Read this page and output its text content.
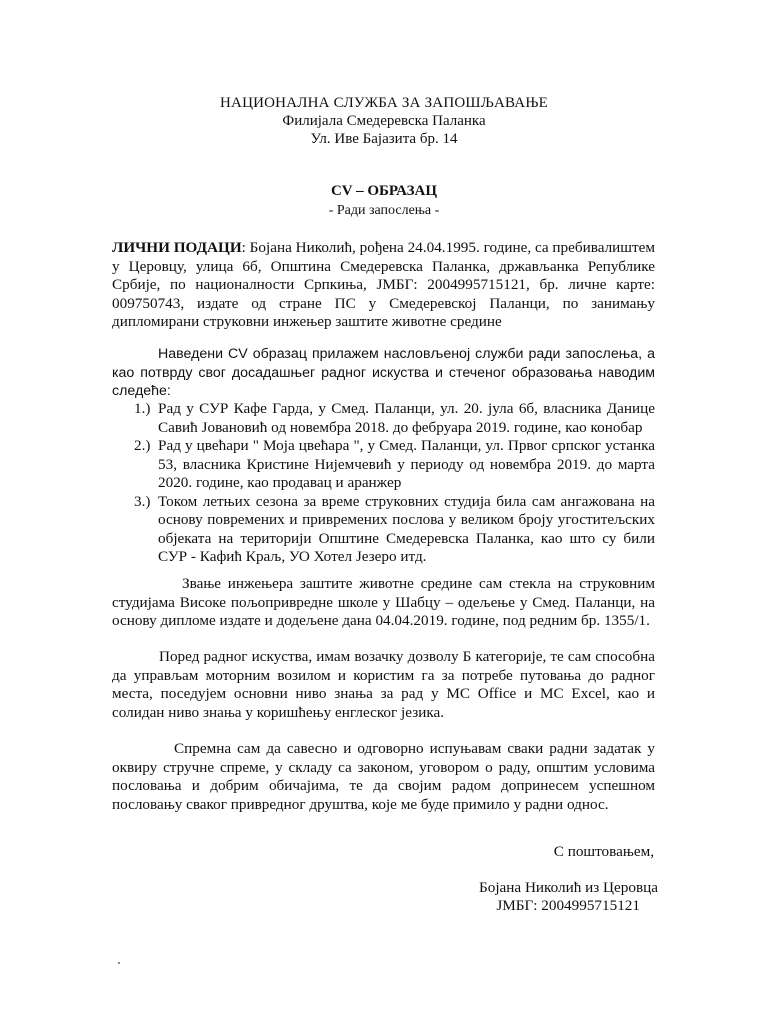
НАЦИОНАЛНА СЛУЖБА ЗА ЗАПОШЉАВАЊЕ
Филијала Смедеревска Паланка
Ул. Иве Бајазита бр. 14
CV – ОБРАЗАЦ
- Ради запослења -

ЛИЧНИ ПОДАЦИ: Бојана Николић, рођена 24.04.1995. године, са пребивалиштем у Церовцу, улица 6б, Општина Смедеревска Паланка, држављанка Републике Србије, по националности Српкиња, ЈМБГ: 2004995715121, бр. личне карте: 009750743, издате од стране ПС у Смедеревској Паланци, по занимању дипломирани струковни инжењер заштите животне средине

Наведени CV образац прилажем насловљеној служби ради запослења, а као потврду свог досадашњег радног искуства и стеченог образовања наводим следеће:

1.) Рад у СУР Кафе Гарда, у Смед. Паланци, ул. 20. јула 6б, власника Данице Савић Јовановић од новембра 2018. до фебруара 2019. године, као конобар
2.) Рад у цвећари " Моја цвећара ", у Смед. Паланци, ул. Првог српског устанка 53, власника Кристине Нијемчевић у периоду од новембра 2019. до марта 2020. године, као продавац и аранжер
3.) Током летњих сезона за време струковних студија била сам ангажована на основу повремених и привремених послова у великом броју угоститељских објеката на територији Општине Смедеревска Паланка, као што су били СУР - Кафић Краљ, УО Хотел Језеро итд.

Звање инжењера заштите животне средине сам стекла на струковним студијама Високе пољопривредне школе у Шабцу – одељење у Смед. Паланци, на основу дипломе издате и додељене дана 04.04.2019. године, под редним бр. 1355/1.

Поред радног искуства, имам возачку дозволу Б категорије, те сам способна да управљам моторним возилом и користим га за потребе путовања до радног места, поседујем основни ниво знања за рад у MC Office и MC Excel, као и солидан ниво знања у коришћењу енглеског језика.

Спремна сам да савесно и одговорно испуњавам сваки радни задатак у оквиру стручне спреме, у складу са законом, уговором о раду, општим условима пословања и добрим обичајима, те да својим радом допринесем успешном пословању сваког привредног друштва, које ме буде примило у радни однос.

С поштовањем,
Бојана Николић из Церовца
ЈМБГ: 2004995715121
